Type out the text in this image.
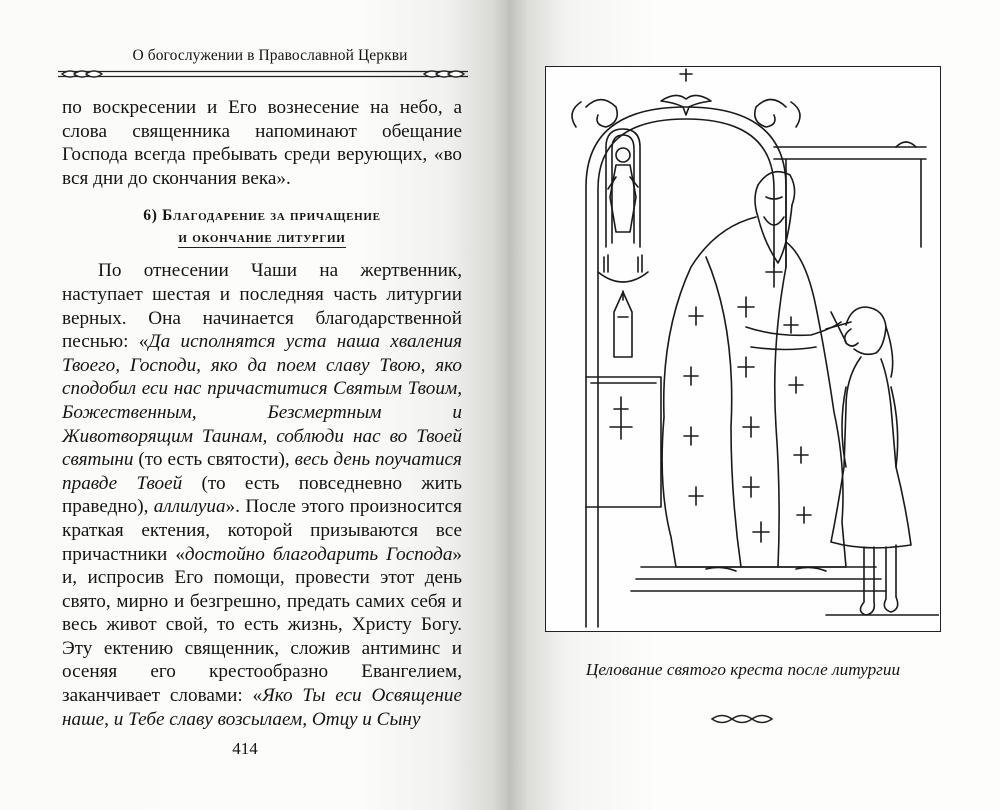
О богослужении в Православной Церкви

по воскресении и Его вознесение на небо, а слова священника напоминают обещание Господа всегда пребывать среди верующих, «во вся дни до скончания века».

6) Благодарение за причащение
и окончание литургии

По отнесении Чаши на жертвенник, наступает шестая и последняя часть литургии верных. Она начинается благодарственной песнью: «Да исполнятся уста наша хваления Твоего, Господи, яко да поем славу Твою, яко сподобил еси нас причаститися Святым Твоим, Божественным, Безсмертным и Животворящим Таинам, соблюди нас во Твоей святыни (то есть святости), весь день поучатися правде Твоей (то есть повседневно жить праведно), аллилуиа». После этого произносится краткая ектения, которой призываются все причастники «достойно благодарить Господа» и, испросив Его помощи, провести этот день свято, мирно и безгрешно, предать самих себя и весь живот свой, то есть жизнь, Христу Богу. Эту ектению священник, сложив антиминс и осеняя его крестообразно Евангелием, заканчивает словами: «Яко Ты еси Освящение наше, и Тебе славу возсылаем, Отцу и Сыну

414
Целование святого креста после литургии
